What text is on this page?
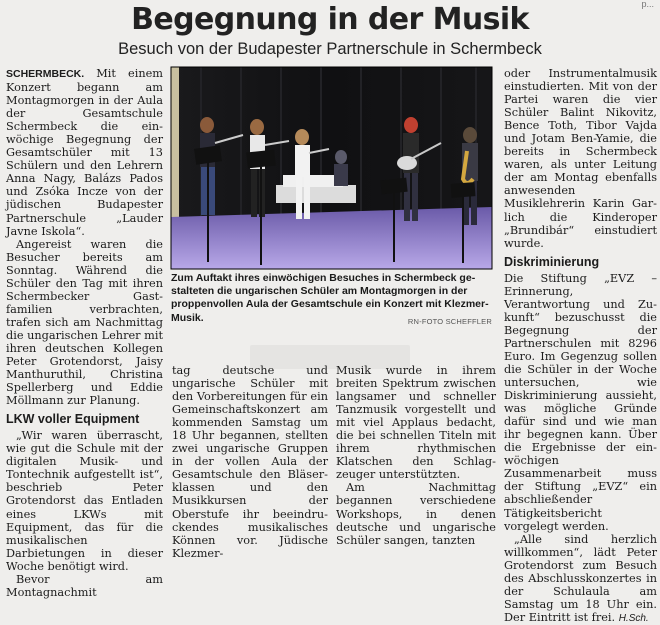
p...
Begegnung in der Musik
Besuch von der Budapester Partnerschule in Schermbeck

SCHERMBECK. Mit einem Konzert begann am Montagmorgen in der Aula der Gesamtschule Schermbeck die einwöchige Begegnung der Gesamtschüler mit 13 Schülern und den Lehrern Anna Nagy, Balázs Pados und Zsóka Incze von der jüdischen Budapester Partnerschule „Lauder Javne Iskola“.

Angereist waren die Besucher bereits am Sonntag. Während die Schüler den Tag mit ihren Schermbecker Gastfamilien verbrachten, trafen sich am Nachmittag die ungarischen Lehrer mit ihren deutschen Kollegen Peter Grotendorst, Jaisy Manthuruthil, Christina Spellerberg und Eddie Möllmann zur Planung.

LKW voller Equipment

„Wir waren überrascht, wie gut die Schule mit der digitalen Musik- und Tontechnik aufgestellt ist“, beschrieb Peter Grotendorst das Entladen eines LKWs mit Equipment, das für die musikalischen Darbietungen in dieser Woche benötigt wird.

Bevor am Montagnachmit

Zum Auftakt ihres einwöchigen Besuches in Schermbeck gestalteten die ungarischen Schüler am Montagmorgen in der proppenvollen Aula der Gesamtschule ein Konzert mit Klezmer-Musik.	RN-FOTO SCHEFFLER

tag deutsche und ungarische Schüler mit den Vorbereitungen für ein Gemeinschaftskonzert am kommenden Samstag um 18 Uhr begannen, stellten zwei ungarische Gruppen in der vollen Aula der Gesamtschule den Bläserklassen und den Musikkursen der Oberstufe ihr beeindruckendes musikalisches Können vor. Jüdische Klezmer-

Musik wurde in ihrem breiten Spektrum zwischen langsamer und schneller Tanzmusik vorgestellt und mit viel Applaus bedacht, die bei schnellen Titeln mit ihrem rhythmischen Klatschen den Schlagzeuger unterstützten.

Am Nachmittag begannen verschiedene Workshops, in denen deutsche und ungarische Schüler sangen, tanzten

oder Instrumentalmusik einstudierten. Mit von der Partei waren die vier Schüler Balint Nikovitz, Bence Toth, Tibor Vajda und Jotam Ben-Yamie, die bereits in Schermbeck waren, als unter Leitung der am Montag ebenfalls anwesenden Musiklehrerin Karin Garlich die Kinderoper „Brundibár“ einstudiert wurde.

Diskriminierung

Die Stiftung „EVZ – Erinnerung, Verantwortung und Zukunft“ bezuschusst die Begegnung der Partnerschulen mit 8296 Euro. Im Gegenzug sollen die Schüler in der Woche untersuchen, wie Diskriminierung aussieht, was mögliche Gründe dafür sind und wie man ihr begegnen kann. Über die Ergebnisse der einwöchigen Zusammenarbeit muss der Stiftung „EVZ“ ein abschließender Tätigkeitsbericht vorgelegt werden.

„Alle sind herzlich willkommen“, lädt Peter Grotendorst zum Besuch des Abschlusskonzertes in der Schulaula am Samstag um 18 Uhr ein. Der Eintritt ist frei. H.Sch.
